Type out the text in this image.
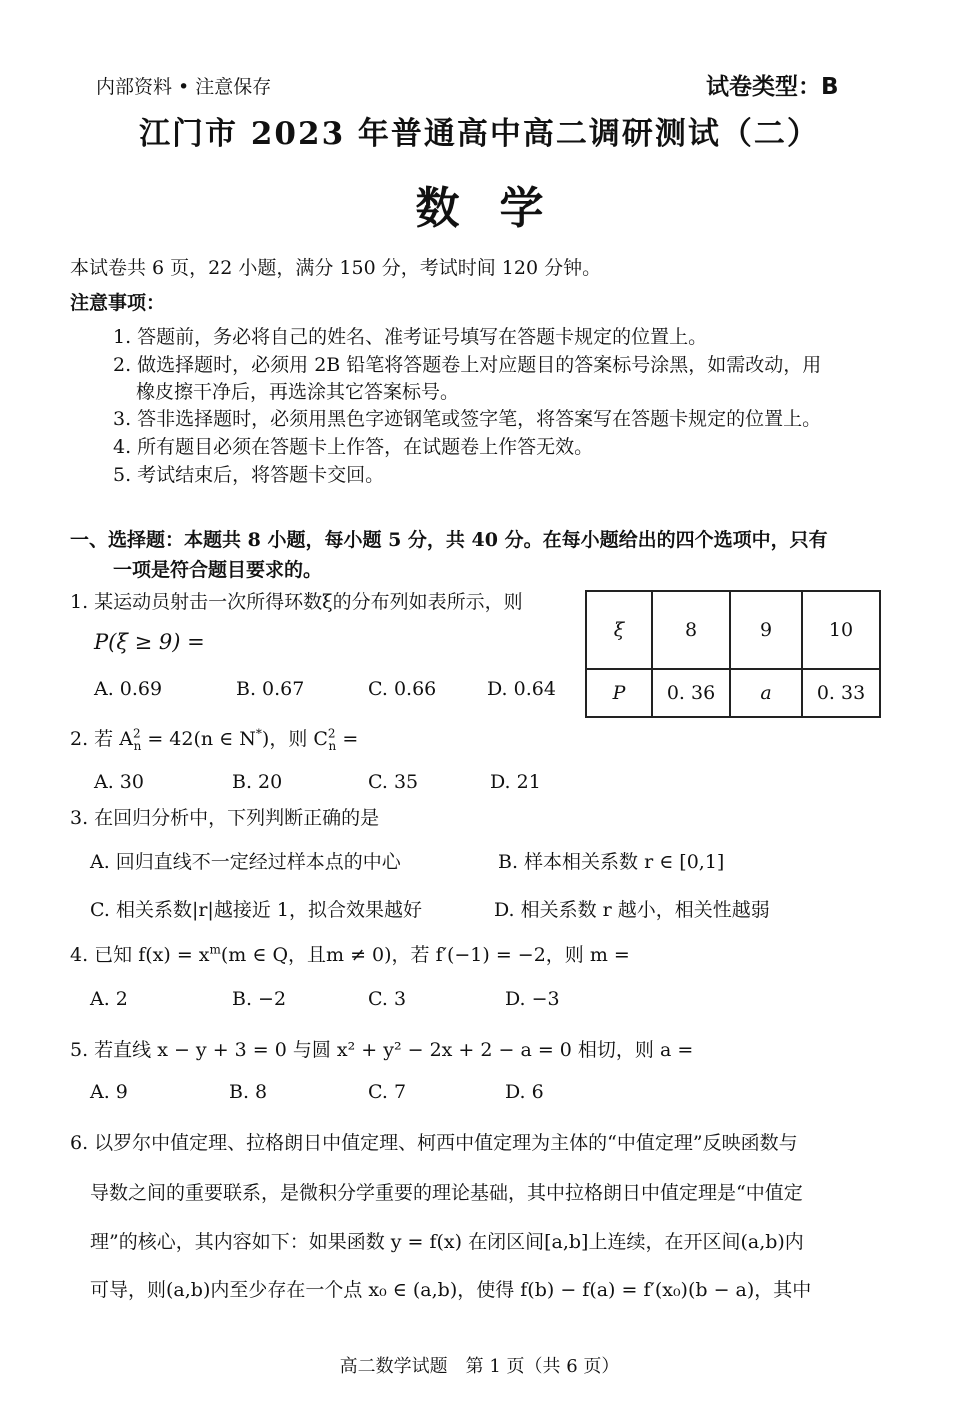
内部资料 • 注意保存	试卷类型：B
江门市 2023 年普通高中高二调研测试（二）
数学
本试卷共 6 页，22 小题，满分 150 分，考试时间 120 分钟。
注意事项：
1. 答题前，务必将自己的姓名、准考证号填写在答题卡规定的位置上。
2. 做选择题时，必须用 2B 铅笔将答题卷上对应题目的答案标号涂黑，如需改动，用
橡皮擦干净后，再选涂其它答案标号。
3. 答非选择题时，必须用黑色字迹钢笔或签字笔，将答案写在答题卡规定的位置上。
4. 所有题目必须在答题卡上作答，在试题卷上作答无效。
5. 考试结束后，将答题卡交回。
一、选择题：本题共 8 小题，每小题 5 分，共 40 分。在每小题给出的四个选项中，只有
一项是符合题目要求的。
1. 某运动员射击一次所得环数ξ的分布列如表所示，则
P(ξ ≥ 9) =
A. 0.69	B. 0.67	C. 0.66	D. 0.64
ξ	8	9	10
P	0. 36	a	0. 33
2. 若 $A^2_n = 42(n$ ∈ N*)，则 $C^2_n$ =
A. 30	B. 20	C. 35	D. 21
3. 在回归分析中，下列判断正确的是
A. 回归直线不一定经过样本点的中心	B. 样本相关系数 r ∈ [0,1]
C. 相关系数|r|越接近 1，拟合效果越好	D. 相关系数 r 越小，相关性越弱
4. 已知 $f(x) = x^m(m$ ∈ Q，且m ≠ 0)，若 f′(−1) = −2，则 m =
A. 2	B. −2	C. 3	D. −3
5. 若直线 x − y + 3 = 0 与圆 x² + y² − 2x + 2 − a = 0 相切，则 a =
A. 9	B. 8	C. 7	D. 6
6. 以罗尔中值定理、拉格朗日中值定理、柯西中值定理为主体的“中值定理”反映函数与
导数之间的重要联系，是微积分学重要的理论基础，其中拉格朗日中值定理是“中值定
理”的核心，其内容如下：如果函数 y = f(x) 在闭区间[a,b]上连续，在开区间(a,b)内
可导，则(a,b)内至少存在一个点 x₀ ∈ (a,b)，使得 f(b) − f(a) = f′(x₀)(b − a)，其中
高二数学试题　第 1 页（共 6 页）
